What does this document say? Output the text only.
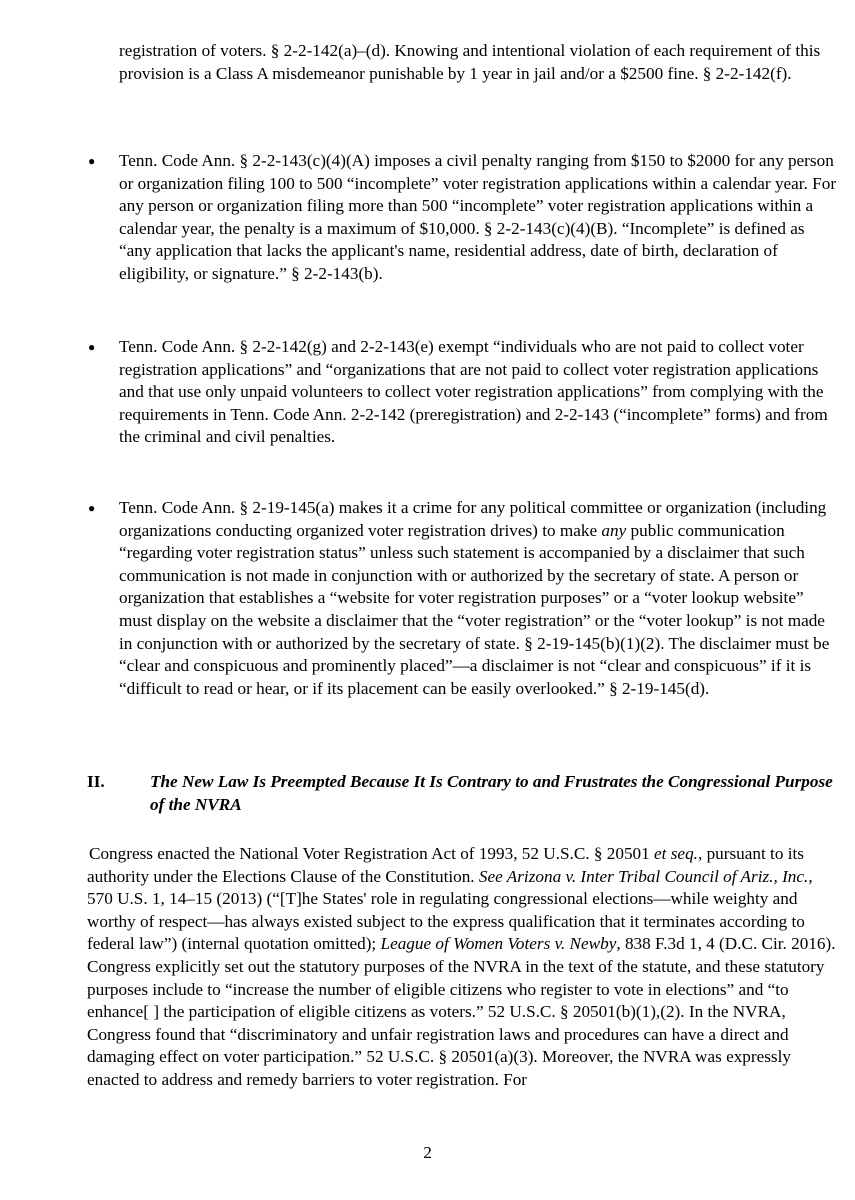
registration of voters. § 2-2-142(a)–(d). Knowing and intentional violation of each requirement of this provision is a Class A misdemeanor punishable by 1 year in jail and/or a $2500 fine. § 2-2-142(f).

● Tenn. Code Ann. § 2-2-143(c)(4)(A) imposes a civil penalty ranging from $150 to $2000 for any person or organization filing 100 to 500 “incomplete” voter registration applications within a calendar year. For any person or organization filing more than 500 “incomplete” voter registration applications within a calendar year, the penalty is a maximum of $10,000. § 2-2-143(c)(4)(B). “Incomplete” is defined as “any application that lacks the applicant's name, residential address, date of birth, declaration of eligibility, or signature.” § 2-2-143(b).

● Tenn. Code Ann. § 2-2-142(g) and 2-2-143(e) exempt “individuals who are not paid to collect voter registration applications” and “organizations that are not paid to collect voter registration applications and that use only unpaid volunteers to collect voter registration applications” from complying with the requirements in Tenn. Code Ann. 2-2-142 (preregistration) and 2-2-143 (“incomplete” forms) and from the criminal and civil penalties.

● Tenn. Code Ann. § 2-19-145(a) makes it a crime for any political committee or organization (including organizations conducting organized voter registration drives) to make any public communication “regarding voter registration status” unless such statement is accompanied by a disclaimer that such communication is not made in conjunction with or authorized by the secretary of state. A person or organization that establishes a “website for voter registration purposes” or a “voter lookup website” must display on the website a disclaimer that the “voter registration” or the “voter lookup” is not made in conjunction with or authorized by the secretary of state. § 2-19-145(b)(1)(2). The disclaimer must be “clear and conspicuous and prominently placed”—a disclaimer is not “clear and conspicuous” if it is “difficult to read or hear, or if its placement can be easily overlooked.” § 2-19-145(d).

II.	The New Law Is Preempted Because It Is Contrary to and Frustrates the Congressional Purpose of the NVRA

Congress enacted the National Voter Registration Act of 1993, 52 U.S.C. § 20501 et seq., pursuant to its authority under the Elections Clause of the Constitution. See Arizona v. Inter Tribal Council of Ariz., Inc., 570 U.S. 1, 14–15 (2013) (“[T]he States' role in regulating congressional elections—while weighty and worthy of respect—has always existed subject to the express qualification that it terminates according to federal law”) (internal quotation omitted); League of Women Voters v. Newby, 838 F.3d 1, 4 (D.C. Cir. 2016). Congress explicitly set out the statutory purposes of the NVRA in the text of the statute, and these statutory purposes include to “increase the number of eligible citizens who register to vote in elections” and “to enhance[ ] the participation of eligible citizens as voters.” 52 U.S.C. § 20501(b)(1),(2). In the NVRA, Congress found that “discriminatory and unfair registration laws and procedures can have a direct and damaging effect on voter participation.” 52 U.S.C. § 20501(a)(3). Moreover, the NVRA was expressly enacted to address and remedy barriers to voter registration. For

2
